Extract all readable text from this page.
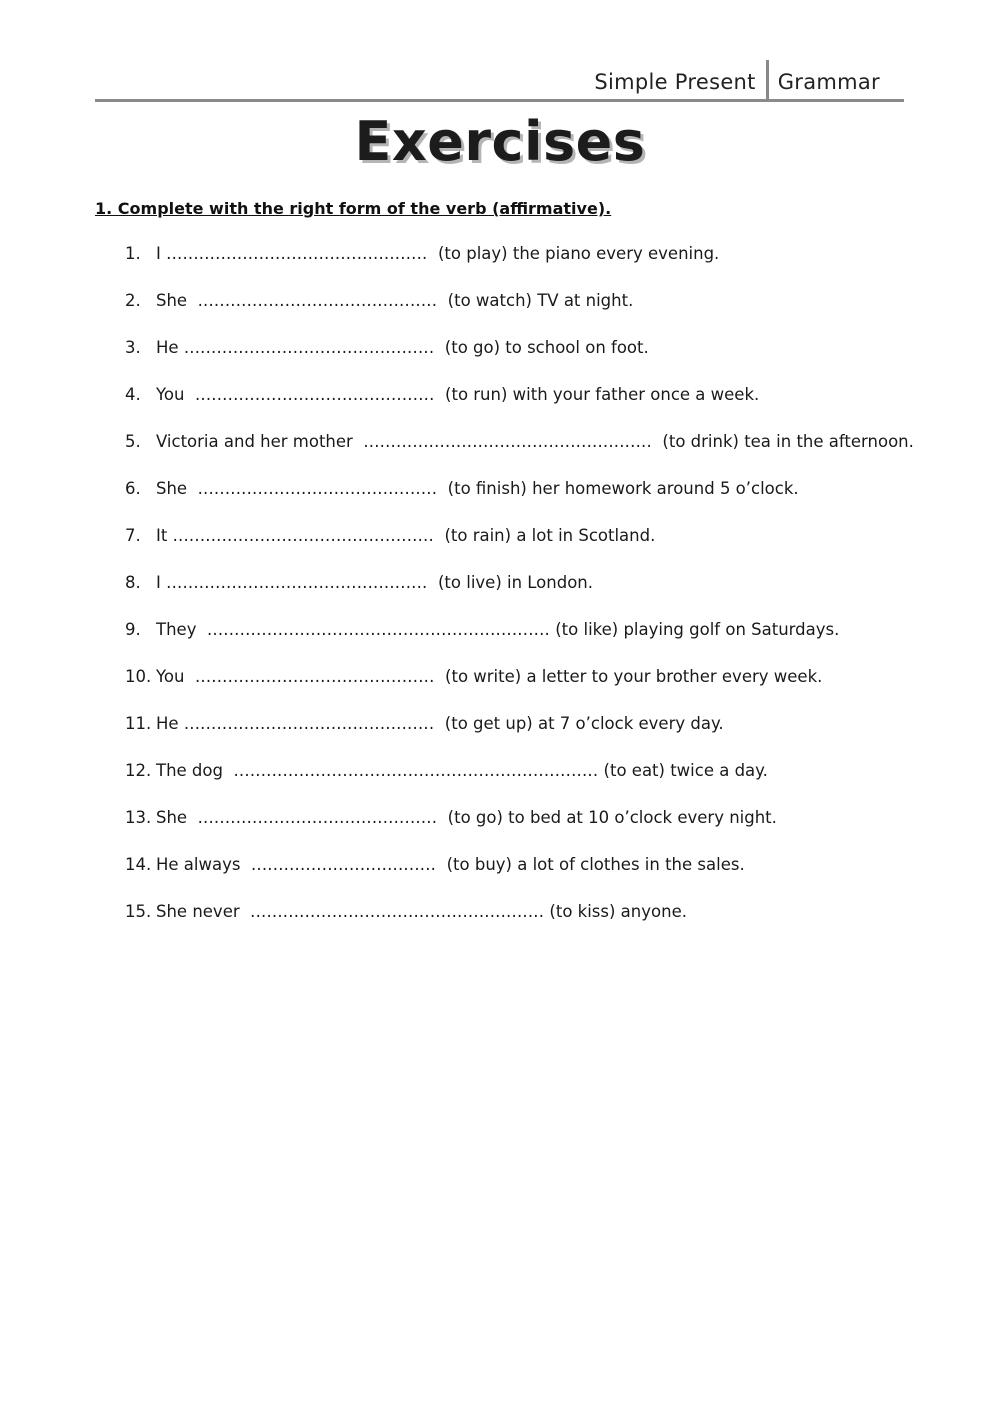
Simple Present	Grammar
Exercises
1. Complete with the right form of the verb (affirmative).
1. I ................................................ (to play) the piano every evening.
2. She ............................................ (to watch) TV at night.
3. He .............................................. (to go) to school on foot.
4. You ............................................ (to run) with your father once a week.
5. Victoria and her mother ..................................................... (to drink) tea in the afternoon.
6. She ............................................ (to finish) her homework around 5 o’clock.
7. It ................................................ (to rain) a lot in Scotland.
8. I ................................................ (to live) in London.
9. They ............................................................... (to like) playing golf on Saturdays.
10. You ............................................ (to write) a letter to your brother every week.
11. He .............................................. (to get up) at 7 o’clock every day.
12. The dog ................................................................... (to eat) twice a day.
13. She ............................................ (to go) to bed at 10 o’clock every night.
14. He always .................................. (to buy) a lot of clothes in the sales.
15. She never ...................................................... (to kiss) anyone.
